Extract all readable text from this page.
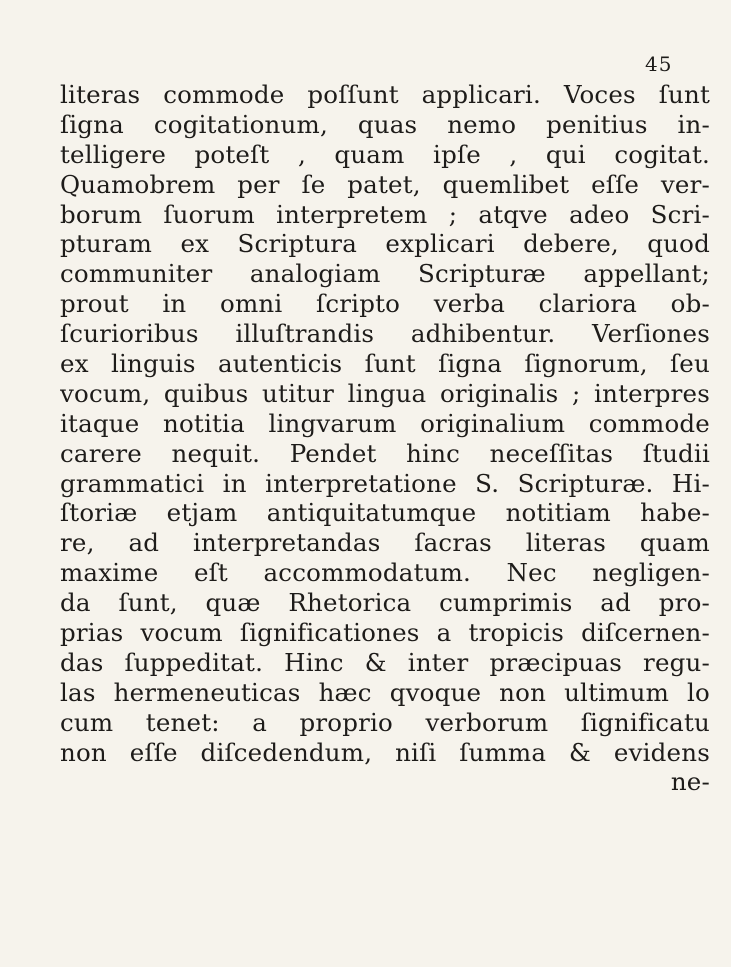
45
literas commode poſſunt applicari. Voces ſunt
ſigna cogitationum, quas nemo penitius in-
telligere poteſt , quam ipſe , qui cogitat.
Quamobrem per ſe patet, quemlibet eſſe ver-
borum ſuorum interpretem ; atqve adeo Scri-
pturam ex Scriptura explicari debere, quod
communiter analogiam Scripturæ appellant;
prout in omni ſcripto verba clariora ob-
ſcurioribus illuſtrandis adhibentur. Verſiones
ex linguis autenticis ſunt ſigna ſignorum, ſeu
vocum, quibus utitur lingua originalis ; interpres
itaque notitia lingvarum originalium commode
carere nequit. Pendet hinc neceſſitas ſtudii
grammatici in interpretatione S. Scripturæ. Hi-
ſtoriæ etjam antiquitatumque notitiam habe-
re, ad interpretandas ſacras literas quam
maxime eſt accommodatum. Nec negligen-
da ſunt, quæ Rhetorica cumprimis ad pro-
prias vocum ſignificationes a tropicis diſcernen-
das ſuppeditat. Hinc & inter præcipuas regu-
las hermeneuticas hæc qvoque non ultimum lo
cum tenet: a proprio verborum ſignificatu
non eſſe diſcedendum, niſi ſumma & evidens
ne-
